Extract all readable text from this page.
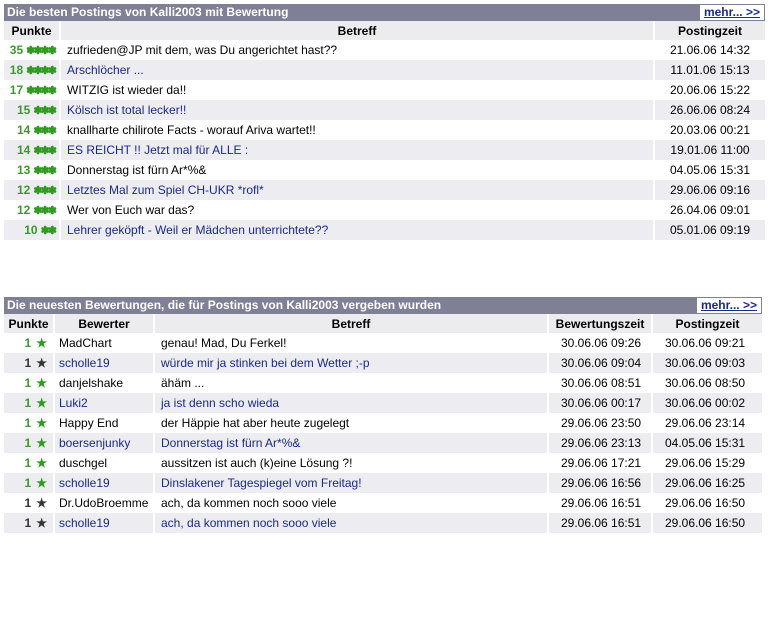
Die besten Postings von Kalli2003 mit Bewertung	mehr... >>
Punkte	Betreff	Postingzeit
35 ✽✽✽✽	zufrieden@JP mit dem, was Du angerichtet hast??	21.06.06 14:32
18 ✽✽✽✽	Arschlöcher ...	11.01.06 15:13
17 ✽✽✽✽	WITZIG ist wieder da!!	20.06.06 15:22
15 ✽✽✽	Kölsch ist total lecker!!	26.06.06 08:24
14 ✽✽✽	knallharte chilirote Facts - worauf Ariva wartet!!	20.03.06 00:21
14 ✽✽✽	ES REICHT !! Jetzt mal für ALLE :	19.01.06 11:00
13 ✽✽✽	Donnerstag ist fürn Ar*%&	04.05.06 15:31
12 ✽✽✽	Letztes Mal zum Spiel CH-UKR *rofl*	29.06.06 09:16
12 ✽✽✽	Wer von Euch war das?	26.04.06 09:01
10 ✽✽	Lehrer geköpft - Weil er Mädchen unterrichtete??	05.01.06 09:19
Die neuesten Bewertungen, die für Postings von Kalli2003 vergeben wurden	mehr... >>
Punkte	Bewerter	Betreff	Bewertungszeit	Postingzeit
1 ★	MadChart	genau! Mad, Du Ferkel!	30.06.06 09:26	30.06.06 09:21
1 ★	scholle19	würde mir ja stinken bei dem Wetter ;-p	30.06.06 09:04	30.06.06 09:03
1 ★	danjelshake	ähäm ...	30.06.06 08:51	30.06.06 08:50
1 ★	Luki2	ja ist denn scho wieda	30.06.06 00:17	30.06.06 00:02
1 ★	Happy End	der Häppie hat aber heute zugelegt	29.06.06 23:50	29.06.06 23:14
1 ★	boersenjunky	Donnerstag ist fürn Ar*%&	29.06.06 23:13	04.05.06 15:31
1 ★	duschgel	aussitzen ist auch (k)eine Lösung ?!	29.06.06 17:21	29.06.06 15:29
1 ★	scholle19	Dinslakener Tagespiegel vom Freitag!	29.06.06 16:56	29.06.06 16:25
1 ★	Dr.UdoBroemme	ach, da kommen noch sooo viele	29.06.06 16:51	29.06.06 16:50
1 ★	scholle19	ach, da kommen noch sooo viele	29.06.06 16:51	29.06.06 16:50
